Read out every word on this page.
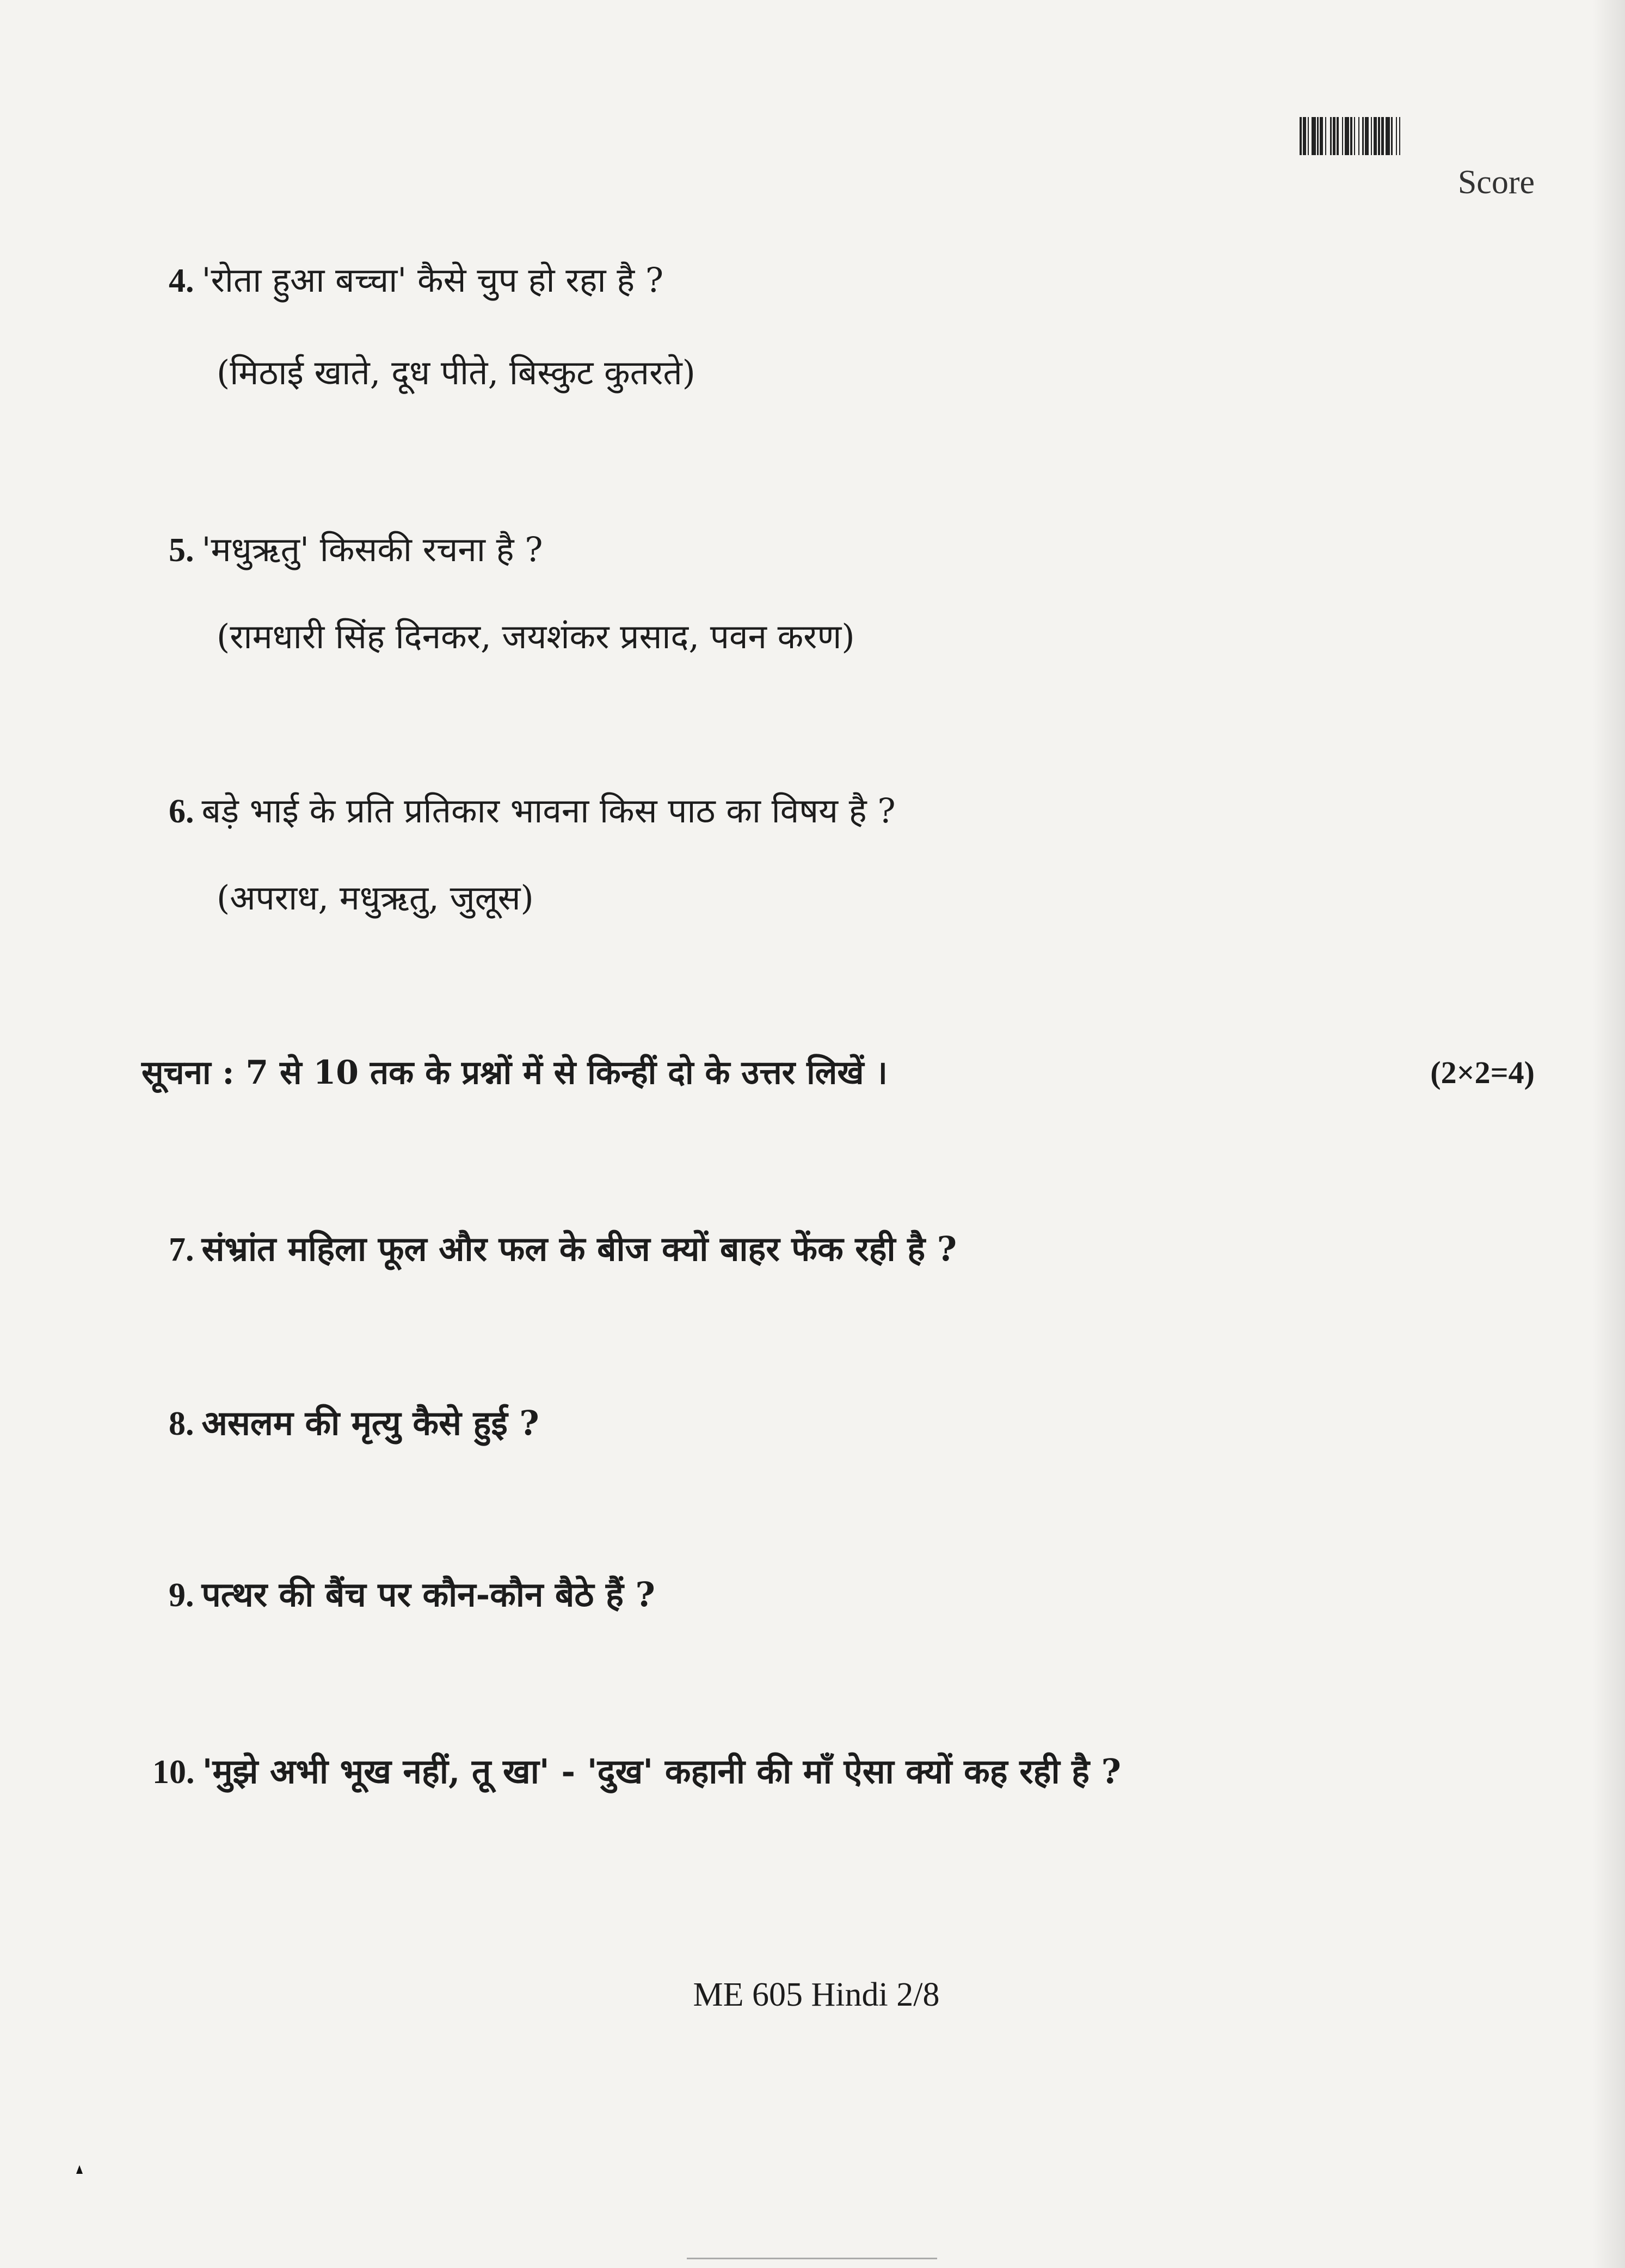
Score
4. 'रोता हुआ बच्चा' कैसे चुप हो रहा है ?
(मिठाई खाते, दूध पीते, बिस्कुट कुतरते)
5. 'मधुऋतु' किसकी रचना है ?
(रामधारी सिंह दिनकर, जयशंकर प्रसाद, पवन करण)
6. बड़े भाई के प्रति प्रतिकार भावना किस पाठ का विषय है ?
(अपराध, मधुऋतु, जुलूस)
सूचना : 7 से 10 तक के प्रश्नों में से किन्हीं दो के उत्तर लिखें ।	(2×2=4)
7. संभ्रांत महिला फूल और फल के बीज क्यों बाहर फेंक रही है ?
8. असलम की मृत्यु कैसे हुई ?
9. पत्थर की बैंच पर कौन-कौन बैठे हैं ?
10. 'मुझे अभी भूख नहीं, तू खा' - 'दुख' कहानी की माँ ऐसा क्यों कह रही है ?
ME 605 Hindi 2/8
